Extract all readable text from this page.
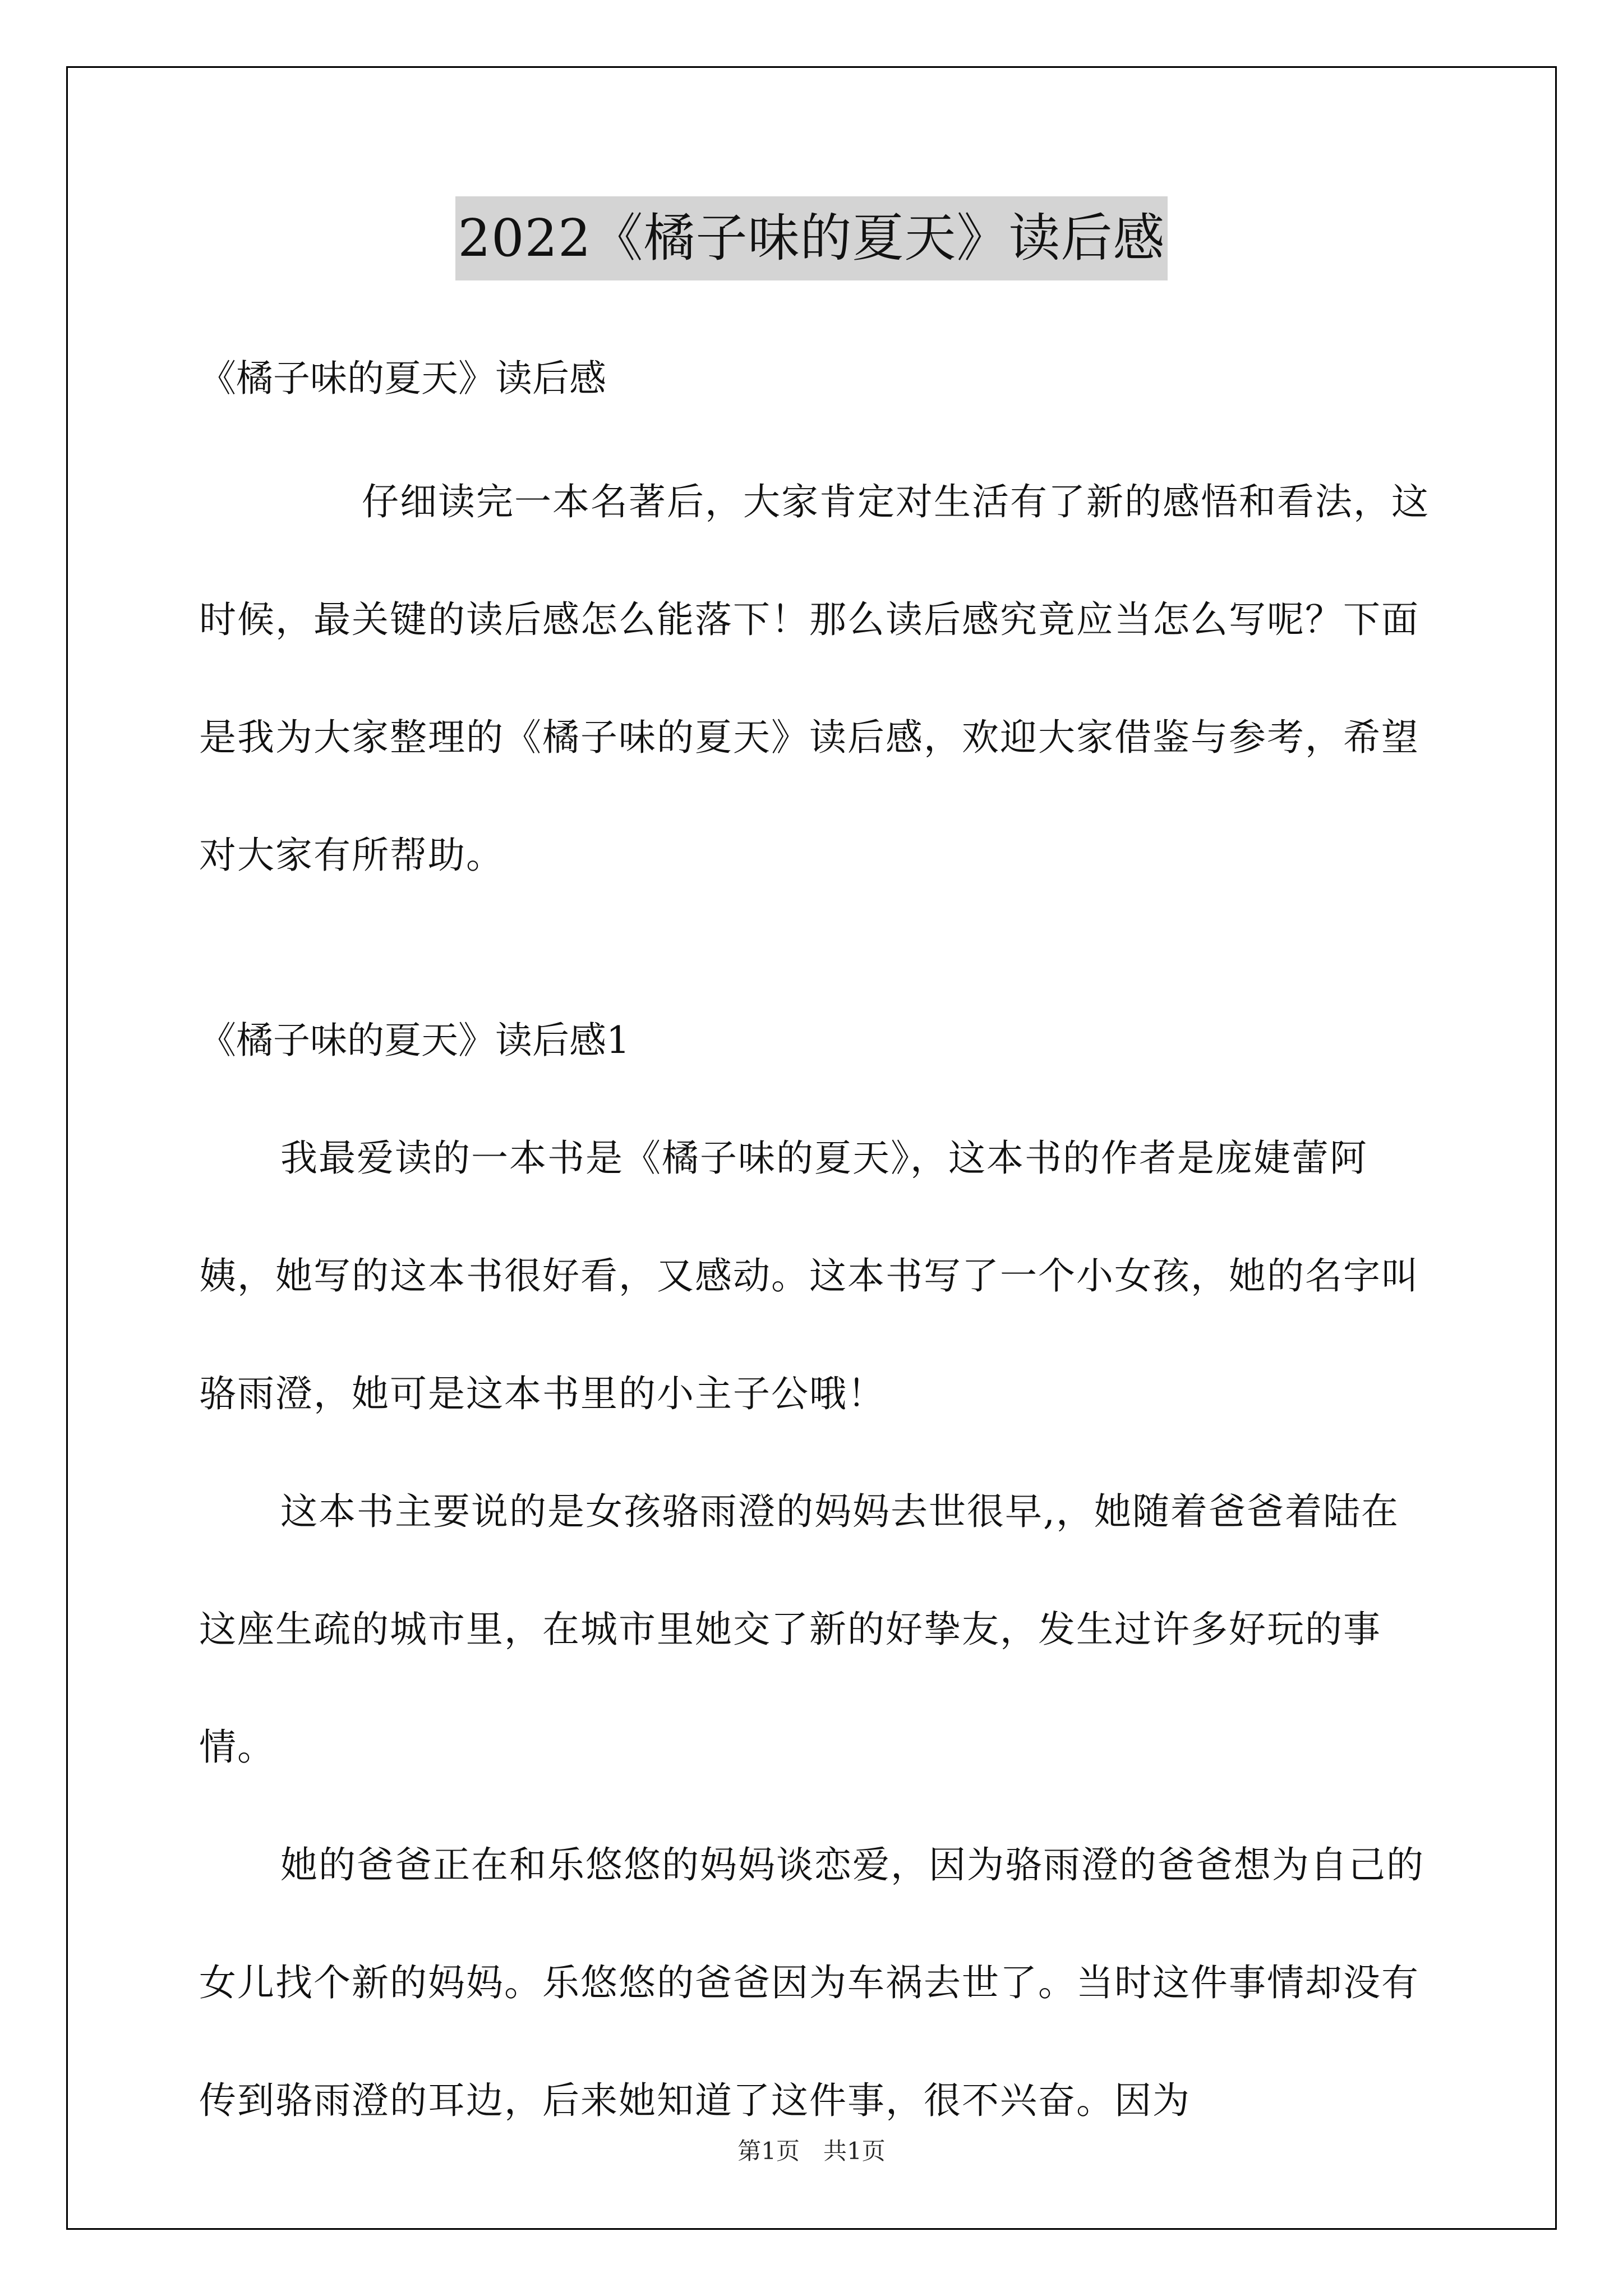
2022《橘子味的夏天》读后感

《橘子味的夏天》读后感

仔细读完一本名著后，大家肯定对生活有了新的感悟和看法，这时候，最关键的读后感怎么能落下！那么读后感究竟应当怎么写呢？下面是我为大家整理的《橘子味的夏天》读后感，欢迎大家借鉴与参考，希望对大家有所帮助。

《橘子味的夏天》读后感1

我最爱读的一本书是《橘子味的夏天》，这本书的作者是庞婕蕾阿姨，她写的这本书很好看，又感动。这本书写了一个小女孩，她的名字叫骆雨澄，她可是这本书里的小主子公哦！

这本书主要说的是女孩骆雨澄的妈妈去世很早,，她随着爸爸着陆在这座生疏的城市里，在城市里她交了新的好挚友，发生过许多好玩的事情。

她的爸爸正在和乐悠悠的妈妈谈恋爱，因为骆雨澄的爸爸想为自己的女儿找个新的妈妈。乐悠悠的爸爸因为车祸去世了。当时这件事情却没有传到骆雨澄的耳边，后来她知道了这件事，很不兴奋。因为

第1页 共1页
